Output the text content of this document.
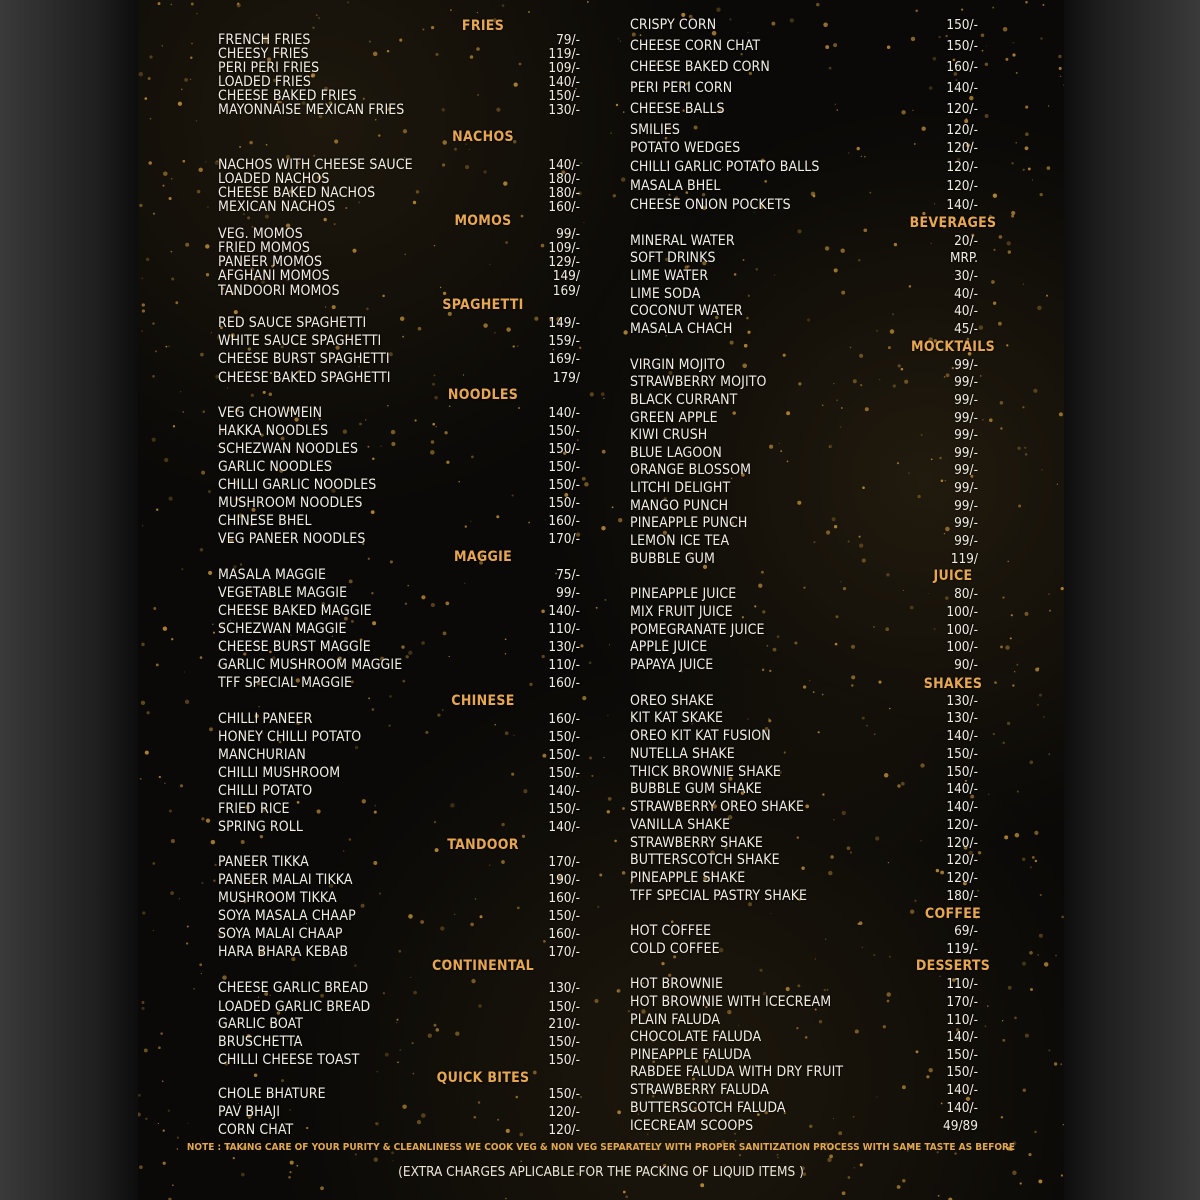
FRIES
FRENCH FRIES	79/-
CHEESY FRIES	119/-
PERI PERI FRIES	109/-
LOADED FRIES	140/-
CHEESE BAKED FRIES	150/-
MAYONNAISE MEXICAN FRIES	130/-
NACHOS
NACHOS WITH CHEESE SAUCE	140/-
LOADED NACHOS	180/-
CHEESE BAKED NACHOS	180/-
MEXICAN NACHOS	160/-
MOMOS
VEG. MOMOS	99/-
FRIED MOMOS	109/-
PANEER MOMOS	129/-
AFGHANI MOMOS	149/
TANDOORI MOMOS	169/
SPAGHETTI
RED SAUCE SPAGHETTI	149/-
WHITE SAUCE SPAGHETTI	159/-
CHEESE BURST SPAGHETTI	169/-
CHEESE BAKED SPAGHETTI	179/
NOODLES
VEG CHOWMEIN	140/-
HAKKA NOODLES	150/-
SCHEZWAN NOODLES	150/-
GARLIC NOODLES	150/-
CHILLI GARLIC NOODLES	150/-
MUSHROOM NOODLES	150/-
CHINESE BHEL	160/-
VEG PANEER NOODLES	170/-
MAGGIE
MASALA MAGGIE	75/-
VEGETABLE MAGGIE	99/-
CHEESE BAKED MAGGIE	140/-
SCHEZWAN MAGGIE	110/-
CHEESE BURST MAGGIE	130/-
GARLIC MUSHROOM MAGGIE	110/-
TFF SPECIAL MAGGIE	160/-
CHINESE
CHILLI PANEER	160/-
HONEY CHILLI POTATO	150/-
MANCHURIAN	150/-
CHILLI MUSHROOM	150/-
CHILLI POTATO	140/-
FRIED RICE	150/-
SPRING ROLL	140/-
TANDOOR
PANEER TIKKA	170/-
PANEER MALAI TIKKA	190/-
MUSHROOM TIKKA	160/-
SOYA MASALA CHAAP	150/-
SOYA MALAI CHAAP	160/-
HARA BHARA KEBAB	170/-
CONTINENTAL
CHEESE GARLIC BREAD	130/-
LOADED GARLIC BREAD	150/-
GARLIC BOAT	210/-
BRUSCHETTA	150/-
CHILLI CHEESE TOAST	150/-
QUICK BITES
CHOLE BHATURE	150/-
PAV BHAJI	120/-
CORN CHAT	120/-
CRISPY CORN	150/-
CHEESE CORN CHAT	150/-
CHEESE BAKED CORN	160/-
PERI PERI CORN	140/-
CHEESE BALLS	120/-
SMILIES	120/-
POTATO WEDGES	120/-
CHILLI GARLIC POTATO BALLS	120/-
MASALA BHEL	120/-
CHEESE ONION POCKETS	140/-
BEVERAGES
MINERAL WATER	20/-
SOFT DRINKS	MRP.
LIME WATER	30/-
LIME SODA	40/-
COCONUT WATER	40/-
MASALA CHACH	45/-
MOCKTAILS
VIRGIN MOJITO	99/-
STRAWBERRY MOJITO	99/-
BLACK CURRANT	99/-
GREEN APPLE	99/-
KIWI CRUSH	99/-
BLUE LAGOON	99/-
ORANGE BLOSSOM	99/-
LITCHI DELIGHT	99/-
MANGO PUNCH	99/-
PINEAPPLE PUNCH	99/-
LEMON ICE TEA	99/-
BUBBLE GUM	119/
JUICE
PINEAPPLE JUICE	80/-
MIX FRUIT JUICE	100/-
POMEGRANATE JUICE	100/-
APPLE JUICE	100/-
PAPAYA JUICE	90/-
SHAKES
OREO SHAKE	130/-
KIT KAT SKAKE	130/-
OREO KIT KAT FUSION	140/-
NUTELLA SHAKE	150/-
THICK BROWNIE SHAKE	150/-
BUBBLE GUM SHAKE	140/-
STRAWBERRY OREO SHAKE	140/-
VANILLA SHAKE	120/-
STRAWBERRY SHAKE	120/-
BUTTERSCOTCH SHAKE	120/-
PINEAPPLE SHAKE	120/-
TFF SPECIAL PASTRY SHAKE	180/-
COFFEE
HOT COFFEE	69/-
COLD COFFEE	119/-
DESSERTS
HOT BROWNIE	110/-
HOT BROWNIE WITH ICECREAM	170/-
PLAIN FALUDA	110/-
CHOCOLATE FALUDA	140/-
PINEAPPLE FALUDA	150/-
RABDEE FALUDA WITH DRY FRUIT	150/-
STRAWBERRY FALUDA	140/-
BUTTERSCOTCH FALUDA	140/-
ICECREAM SCOOPS	49/89
NOTE : TAKING CARE OF YOUR PURITY & CLEANLINESS WE COOK VEG & NON VEG SEPARATELY WITH PROPER SANITIZATION PROCESS WITH SAME TASTE AS BEFORE
(EXTRA CHARGES APLICABLE FOR THE PACKING OF LIQUID ITEMS )
